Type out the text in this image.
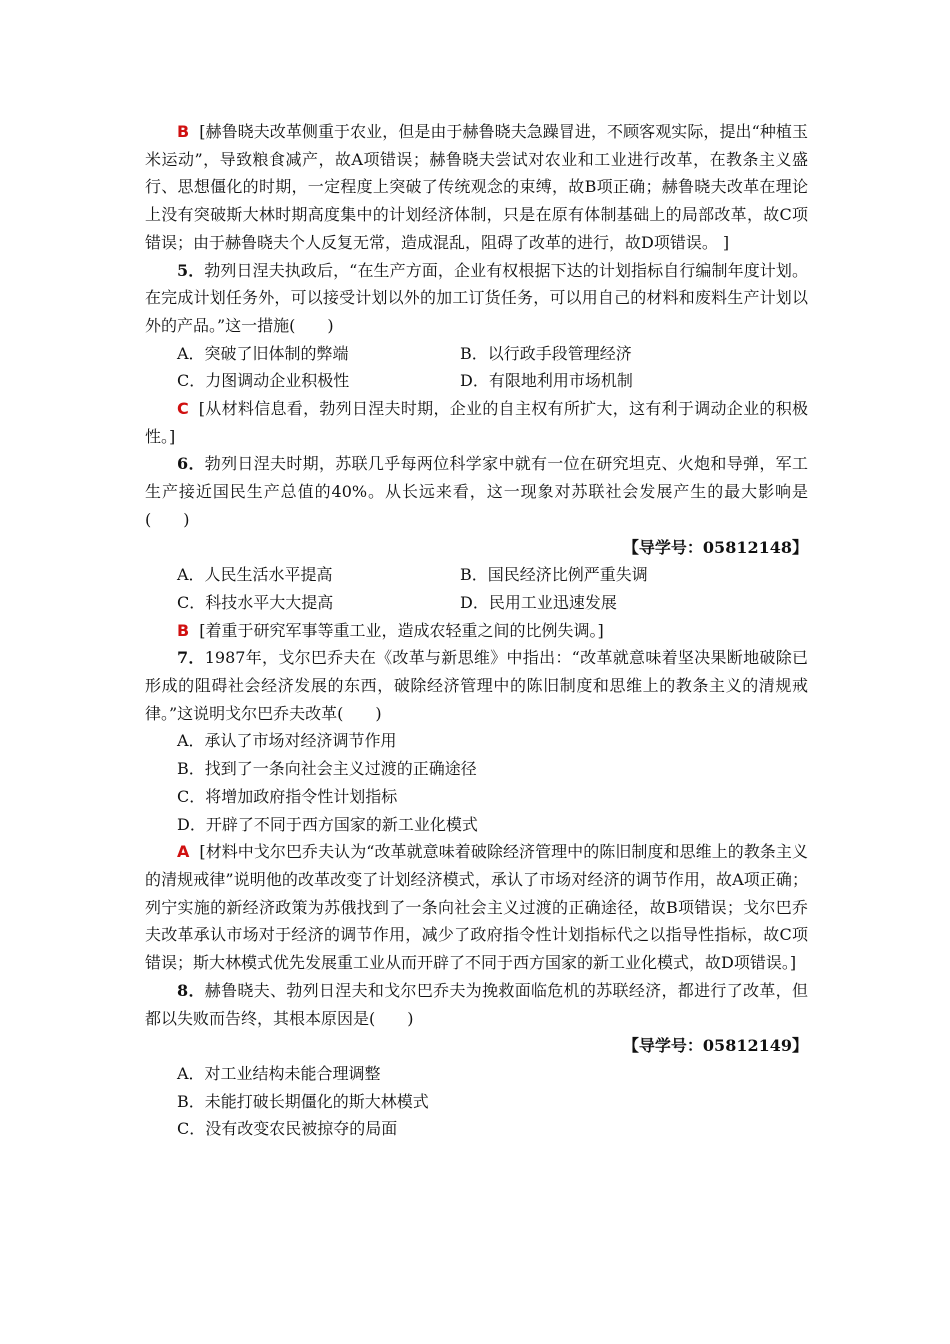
B [赫鲁晓夫改革侧重于农业，但是由于赫鲁晓夫急躁冒进，不顾客观实际，提出“种植玉米运动”，导致粮食减产，故A项错误；赫鲁晓夫尝试对农业和工业进行改革，在教条主义盛行、思想僵化的时期，一定程度上突破了传统观念的束缚，故B项正确；赫鲁晓夫改革在理论上没有突破斯大林时期高度集中的计划经济体制，只是在原有体制基础上的局部改革，故C项错误；由于赫鲁晓夫个人反复无常，造成混乱，阻碍了改革的进行，故D项错误。 ]

5．勃列日涅夫执政后，“在生产方面，企业有权根据下达的计划指标自行编制年度计划。在完成计划任务外，可以接受计划以外的加工订货任务，可以用自己的材料和废料生产计划以外的产品。”这一措施(　　)

A．突破了旧体制的弊端	B．以行政手段管理经济
C．力图调动企业积极性	D．有限地利用市场机制

C [从材料信息看，勃列日涅夫时期，企业的自主权有所扩大，这有利于调动企业的积极性。]

6．勃列日涅夫时期，苏联几乎每两位科学家中就有一位在研究坦克、火炮和导弹，军工生产接近国民生产总值的40%。从长远来看，这一现象对苏联社会发展产生的最大影响是(　　)

【导学号：05812148】

A．人民生活水平提高	B．国民经济比例严重失调
C．科技水平大大提高	D．民用工业迅速发展

B [着重于研究军事等重工业，造成农轻重之间的比例失调。]

7．1987年，戈尔巴乔夫在《改革与新思维》中指出：“改革就意味着坚决果断地破除已形成的阻碍社会经济发展的东西，破除经济管理中的陈旧制度和思维上的教条主义的清规戒律。”这说明戈尔巴乔夫改革(　　)

A．承认了市场对经济调节作用

B．找到了一条向社会主义过渡的正确途径

C．将增加政府指令性计划指标

D．开辟了不同于西方国家的新工业化模式

A [材料中戈尔巴乔夫认为“改革就意味着破除经济管理中的陈旧制度和思维上的教条主义的清规戒律”说明他的改革改变了计划经济模式，承认了市场对经济的调节作用，故A项正确；列宁实施的新经济政策为苏俄找到了一条向社会主义过渡的正确途径，故B项错误；戈尔巴乔夫改革承认市场对于经济的调节作用，减少了政府指令性计划指标代之以指导性指标，故C项错误；斯大林模式优先发展重工业从而开辟了不同于西方国家的新工业化模式，故D项错误。]

8．赫鲁晓夫、勃列日涅夫和戈尔巴乔夫为挽救面临危机的苏联经济，都进行了改革，但都以失败而告终，其根本原因是(　　)

【导学号：05812149】

A．对工业结构未能合理调整

B．未能打破长期僵化的斯大林模式

C．没有改变农民被掠夺的局面
